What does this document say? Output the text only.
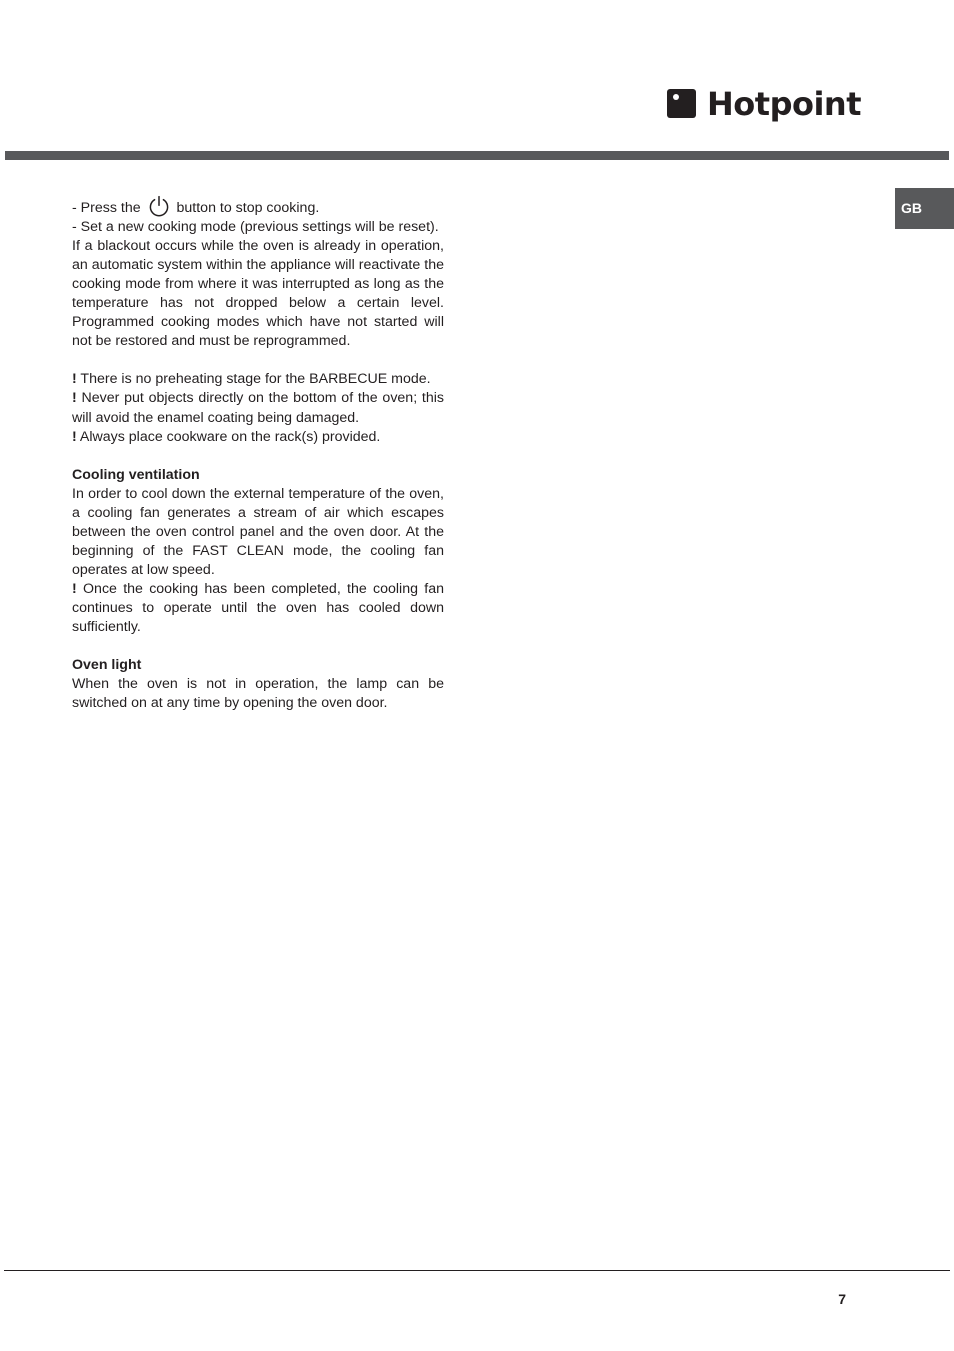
Hotpoint
GB

- Press the	button to stop cooking.

- Set a new cooking mode (previous settings will be reset).

If a blackout occurs while the oven is already in operation, an automatic system within the appliance will reactivate the cooking mode from where it was interrupted as long as the temperature has not dropped below a certain level. Programmed cooking modes which have not started will not be restored and must be reprogrammed.

! There is no preheating stage for the BARBECUE mode.

! Never put objects directly on the bottom of the oven; this will avoid the enamel coating being damaged.

! Always place cookware on the rack(s) provided.

Cooling ventilation

In order to cool down the external temperature of the oven, a cooling fan generates a stream of air which escapes between the oven control panel and the oven door. At the beginning of the FAST CLEAN mode, the cooling fan operates at low speed.

! Once the cooking has been completed, the cooling fan continues to operate until the oven has cooled down sufficiently.

Oven light

When the oven is not in operation, the lamp can be switched on at any time by opening the oven door.

7
